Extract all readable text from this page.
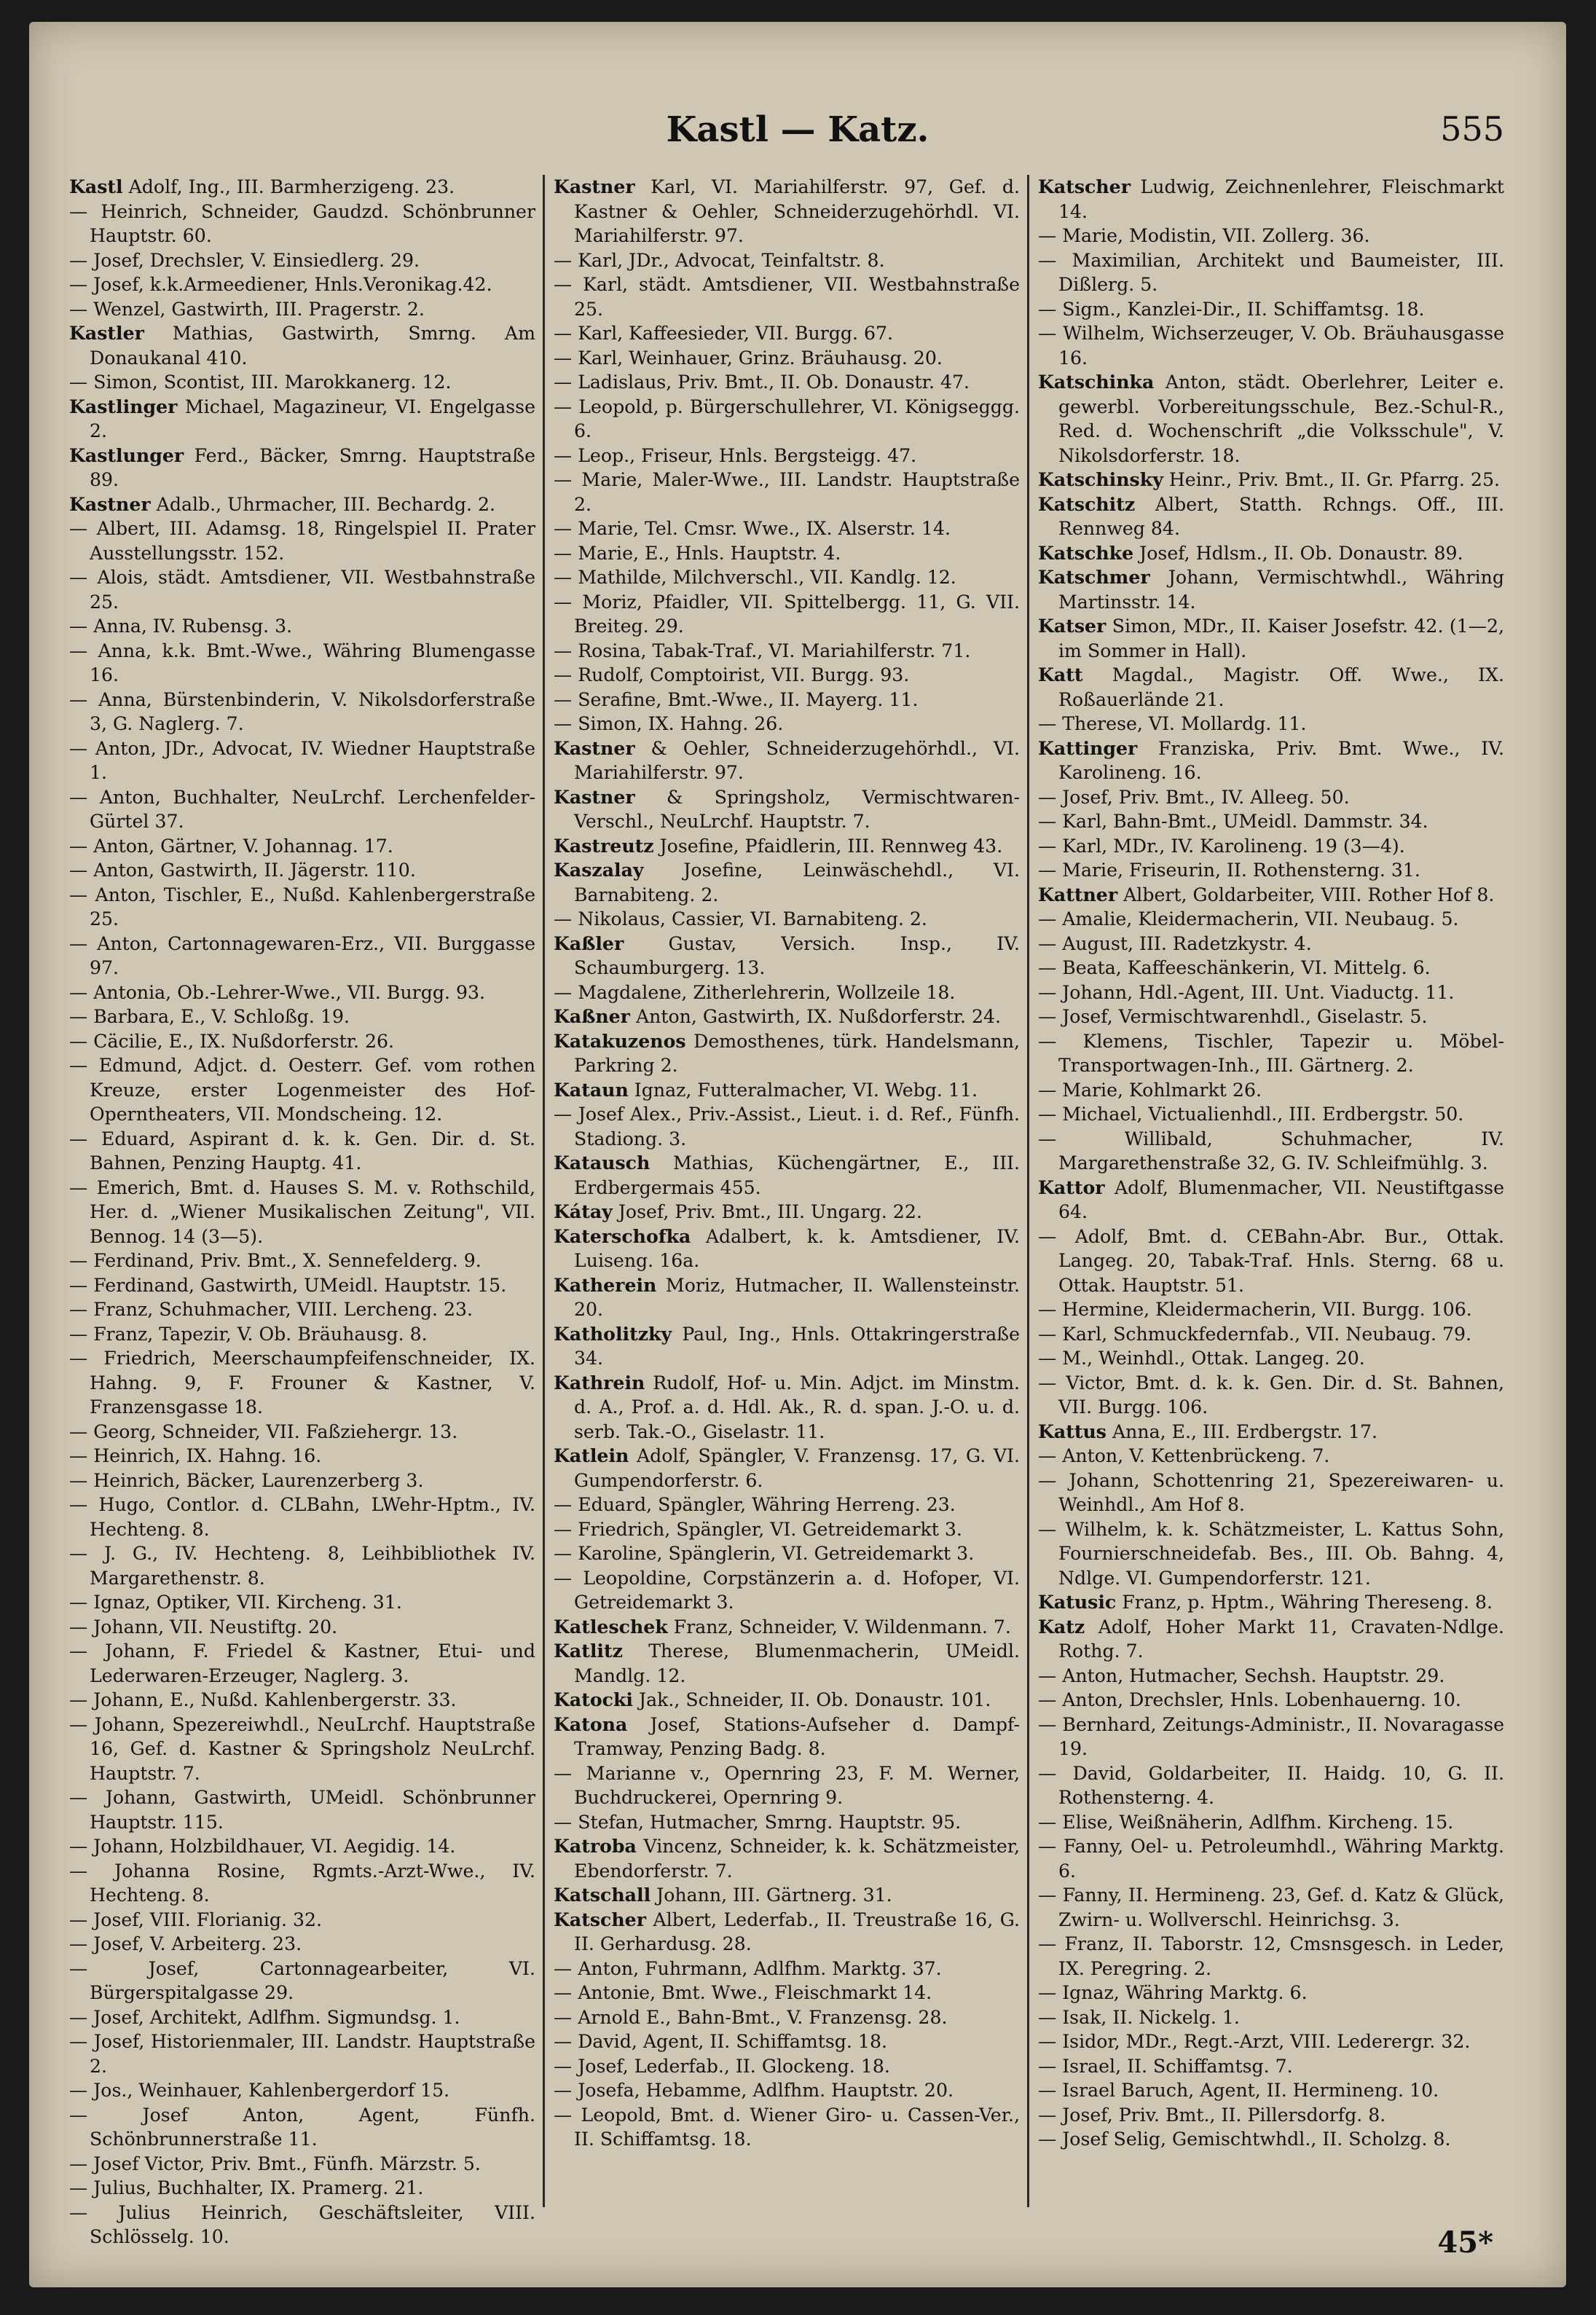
Kastl — Katz.	555

Kastl Adolf, Ing., III. Barmherzigeng. 23.

— Heinrich, Schneider, Gaudzd. Schönbrunner Hauptstr. 60.

— Josef, Drechsler, V. Einsiedlerg. 29.

— Josef, k.k.Armeediener, Hnls.Veronikag.42.

— Wenzel, Gastwirth, III. Pragerstr. 2.

Kastler Mathias, Gastwirth, Smrng. Am Donaukanal 410.

— Simon, Scontist, III. Marokkanerg. 12.

Kastlinger Michael, Magazineur, VI. Engelgasse 2.

Kastlunger Ferd., Bäcker, Smrng. Hauptstraße 89.

Kastner Adalb., Uhrmacher, III. Bechardg. 2.

— Albert, III. Adamsg. 18, Ringelspiel II. Prater Ausstellungsstr. 152.

— Alois, städt. Amtsdiener, VII. Westbahnstraße 25.

— Anna, IV. Rubensg. 3.

— Anna, k.k. Bmt.-Wwe., Währing Blumengasse 16.

— Anna, Bürstenbinderin, V. Nikolsdorferstraße 3, G. Naglerg. 7.

— Anton, JDr., Advocat, IV. Wiedner Hauptstraße 1.

— Anton, Buchhalter, NeuLrchf. Lerchenfelder-Gürtel 37.

— Anton, Gärtner, V. Johannag. 17.

— Anton, Gastwirth, II. Jägerstr. 110.

— Anton, Tischler, E., Nußd. Kahlenbergerstraße 25.

— Anton, Cartonnagewaren-Erz., VII. Burggasse 97.

— Antonia, Ob.-Lehrer-Wwe., VII. Burgg. 93.

— Barbara, E., V. Schloßg. 19.

— Cäcilie, E., IX. Nußdorferstr. 26.

— Edmund, Adjct. d. Oesterr. Gef. vom rothen Kreuze, erster Logenmeister des Hof-Operntheaters, VII. Mondscheing. 12.

— Eduard, Aspirant d. k. k. Gen. Dir. d. St. Bahnen, Penzing Hauptg. 41.

— Emerich, Bmt. d. Hauses S. M. v. Rothschild, Her. d. „Wiener Musikalischen Zeitung", VII. Bennog. 14 (3—5).

— Ferdinand, Priv. Bmt., X. Sennefelderg. 9.

— Ferdinand, Gastwirth, UMeidl. Hauptstr. 15.

— Franz, Schuhmacher, VIII. Lercheng. 23.

— Franz, Tapezir, V. Ob. Bräuhausg. 8.

— Friedrich, Meerschaumpfeifenschneider, IX. Hahng. 9, F. Frouner & Kastner, V. Franzensgasse 18.

— Georg, Schneider, VII. Faßziehergr. 13.

— Heinrich, IX. Hahng. 16.

— Heinrich, Bäcker, Laurenzerberg 3.

— Hugo, Contlor. d. CLBahn, LWehr-Hptm., IV. Hechteng. 8.

— J. G., IV. Hechteng. 8, Leihbibliothek IV. Margarethenstr. 8.

— Ignaz, Optiker, VII. Kircheng. 31.

— Johann, VII. Neustiftg. 20.

— Johann, F. Friedel & Kastner, Etui- und Lederwaren-Erzeuger, Naglerg. 3.

— Johann, E., Nußd. Kahlenbergerstr. 33.

— Johann, Spezereiwhdl., NeuLrchf. Hauptstraße 16, Gef. d. Kastner & Springsholz NeuLrchf. Hauptstr. 7.

— Johann, Gastwirth, UMeidl. Schönbrunner Hauptstr. 115.

— Johann, Holzbildhauer, VI. Aegidig. 14.

— Johanna Rosine, Rgmts.-Arzt-Wwe., IV. Hechteng. 8.

— Josef, VIII. Florianig. 32.

— Josef, V. Arbeiterg. 23.

— Josef, Cartonnagearbeiter, VI. Bürgerspitalgasse 29.

— Josef, Architekt, Adlfhm. Sigmundsg. 1.

— Josef, Historienmaler, III. Landstr. Hauptstraße 2.

— Jos., Weinhauer, Kahlenbergerdorf 15.

— Josef Anton, Agent, Fünfh. Schönbrunnerstraße 11.

— Josef Victor, Priv. Bmt., Fünfh. Märzstr. 5.

— Julius, Buchhalter, IX. Pramerg. 21.

— Julius Heinrich, Geschäftsleiter, VIII. Schlösselg. 10.

Kastner Karl, VI. Mariahilferstr. 97, Gef. d. Kastner & Oehler, Schneiderzugehörhdl. VI. Mariahilferstr. 97.

— Karl, JDr., Advocat, Teinfaltstr. 8.

— Karl, städt. Amtsdiener, VII. Westbahnstraße 25.

— Karl, Kaffeesieder, VII. Burgg. 67.

— Karl, Weinhauer, Grinz. Bräuhausg. 20.

— Ladislaus, Priv. Bmt., II. Ob. Donaustr. 47.

— Leopold, p. Bürgerschullehrer, VI. Königseggg. 6.

— Leop., Friseur, Hnls. Bergsteigg. 47.

— Marie, Maler-Wwe., III. Landstr. Hauptstraße 2.

— Marie, Tel. Cmsr. Wwe., IX. Alserstr. 14.

— Marie, E., Hnls. Hauptstr. 4.

— Mathilde, Milchverschl., VII. Kandlg. 12.

— Moriz, Pfaidler, VII. Spittelbergg. 11, G. VII. Breiteg. 29.

— Rosina, Tabak-Traf., VI. Mariahilferstr. 71.

— Rudolf, Comptoirist, VII. Burgg. 93.

— Serafine, Bmt.-Wwe., II. Mayerg. 11.

— Simon, IX. Hahng. 26.

Kastner & Oehler, Schneiderzugehörhdl., VI. Mariahilferstr. 97.

Kastner & Springsholz, Vermischtwaren-Verschl., NeuLrchf. Hauptstr. 7.

Kastreutz Josefine, Pfaidlerin, III. Rennweg 43.

Kaszalay Josefine, Leinwäschehdl., VI. Barnabiteng. 2.

— Nikolaus, Cassier, VI. Barnabiteng. 2.

Kaßler Gustav, Versich. Insp., IV. Schaumburgerg. 13.

— Magdalene, Zitherlehrerin, Wollzeile 18.

Kaßner Anton, Gastwirth, IX. Nußdorferstr. 24.

Katakuzenos Demosthenes, türk. Handelsmann, Parkring 2.

Kataun Ignaz, Futteralmacher, VI. Webg. 11.

— Josef Alex., Priv.-Assist., Lieut. i. d. Ref., Fünfh. Stadiong. 3.

Katausch Mathias, Küchengärtner, E., III. Erdbergermais 455.

Kátay Josef, Priv. Bmt., III. Ungarg. 22.

Katerschofka Adalbert, k. k. Amtsdiener, IV. Luiseng. 16a.

Katherein Moriz, Hutmacher, II. Wallensteinstr. 20.

Katholitzky Paul, Ing., Hnls. Ottakringerstraße 34.

Kathrein Rudolf, Hof- u. Min. Adjct. im Minstm. d. A., Prof. a. d. Hdl. Ak., R. d. span. J.-O. u. d. serb. Tak.-O., Giselastr. 11.

Katlein Adolf, Spängler, V. Franzensg. 17, G. VI. Gumpendorferstr. 6.

— Eduard, Spängler, Währing Herreng. 23.

— Friedrich, Spängler, VI. Getreidemarkt 3.

— Karoline, Spänglerin, VI. Getreidemarkt 3.

— Leopoldine, Corpstänzerin a. d. Hofoper, VI. Getreidemarkt 3.

Katleschek Franz, Schneider, V. Wildenmann. 7.

Katlitz Therese, Blumenmacherin, UMeidl. Mandlg. 12.

Katocki Jak., Schneider, II. Ob. Donaustr. 101.

Katona Josef, Stations-Aufseher d. Dampf-Tramway, Penzing Badg. 8.

— Marianne v., Opernring 23, F. M. Werner, Buchdruckerei, Opernring 9.

— Stefan, Hutmacher, Smrng. Hauptstr. 95.

Katroba Vincenz, Schneider, k. k. Schätzmeister, Ebendorferstr. 7.

Katschall Johann, III. Gärtnerg. 31.

Katscher Albert, Lederfab., II. Treustraße 16, G. II. Gerhardusg. 28.

— Anton, Fuhrmann, Adlfhm. Marktg. 37.

— Antonie, Bmt. Wwe., Fleischmarkt 14.

— Arnold E., Bahn-Bmt., V. Franzensg. 28.

— David, Agent, II. Schiffamtsg. 18.

— Josef, Lederfab., II. Glockeng. 18.

— Josefa, Hebamme, Adlfhm. Hauptstr. 20.

— Leopold, Bmt. d. Wiener Giro- u. Cassen-Ver., II. Schiffamtsg. 18.

Katscher Ludwig, Zeichnenlehrer, Fleischmarkt 14.

— Marie, Modistin, VII. Zollerg. 36.

— Maximilian, Architekt und Baumeister, III. Dißlerg. 5.

— Sigm., Kanzlei-Dir., II. Schiffamtsg. 18.

— Wilhelm, Wichserzeuger, V. Ob. Bräuhausgasse 16.

Katschinka Anton, städt. Oberlehrer, Leiter e. gewerbl. Vorbereitungsschule, Bez.-Schul-R., Red. d. Wochenschrift „die Volksschule", V. Nikolsdorferstr. 18.

Katschinsky Heinr., Priv. Bmt., II. Gr. Pfarrg. 25.

Katschitz Albert, Statth. Rchngs. Off., III. Rennweg 84.

Katschke Josef, Hdlsm., II. Ob. Donaustr. 89.

Katschmer Johann, Vermischtwhdl., Währing Martinsstr. 14.

Katser Simon, MDr., II. Kaiser Josefstr. 42. (1—2, im Sommer in Hall).

Katt Magdal., Magistr. Off. Wwe., IX. Roßauerlände 21.

— Therese, VI. Mollardg. 11.

Kattinger Franziska, Priv. Bmt. Wwe., IV. Karolineng. 16.

— Josef, Priv. Bmt., IV. Alleeg. 50.

— Karl, Bahn-Bmt., UMeidl. Dammstr. 34.

— Karl, MDr., IV. Karolineng. 19 (3—4).

— Marie, Friseurin, II. Rothensterng. 31.

Kattner Albert, Goldarbeiter, VIII. Rother Hof 8.

— Amalie, Kleidermacherin, VII. Neubaug. 5.

— August, III. Radetzkystr. 4.

— Beata, Kaffeeschänkerin, VI. Mittelg. 6.

— Johann, Hdl.-Agent, III. Unt. Viaductg. 11.

— Josef, Vermischtwarenhdl., Giselastr. 5.

— Klemens, Tischler, Tapezir u. Möbel-Transportwagen-Inh., III. Gärtnerg. 2.

— Marie, Kohlmarkt 26.

— Michael, Victualienhdl., III. Erdbergstr. 50.

— Willibald, Schuhmacher, IV. Margarethenstraße 32, G. IV. Schleifmühlg. 3.

Kattor Adolf, Blumenmacher, VII. Neustiftgasse 64.

— Adolf, Bmt. d. CEBahn-Abr. Bur., Ottak. Langeg. 20, Tabak-Traf. Hnls. Sterng. 68 u. Ottak. Hauptstr. 51.

— Hermine, Kleidermacherin, VII. Burgg. 106.

— Karl, Schmuckfedernfab., VII. Neubaug. 79.

— M., Weinhdl., Ottak. Langeg. 20.

— Victor, Bmt. d. k. k. Gen. Dir. d. St. Bahnen, VII. Burgg. 106.

Kattus Anna, E., III. Erdbergstr. 17.

— Anton, V. Kettenbrückeng. 7.

— Johann, Schottenring 21, Spezereiwaren- u. Weinhdl., Am Hof 8.

— Wilhelm, k. k. Schätzmeister, L. Kattus Sohn, Fournierschneidefab. Bes., III. Ob. Bahng. 4, Ndlge. VI. Gumpendorferstr. 121.

Katusic Franz, p. Hptm., Währing Thereseng. 8.

Katz Adolf, Hoher Markt 11, Cravaten-Ndlge. Rothg. 7.

— Anton, Hutmacher, Sechsh. Hauptstr. 29.

— Anton, Drechsler, Hnls. Lobenhauerng. 10.

— Bernhard, Zeitungs-Administr., II. Novaragasse 19.

— David, Goldarbeiter, II. Haidg. 10, G. II. Rothensterng. 4.

— Elise, Weißnäherin, Adlfhm. Kircheng. 15.

— Fanny, Oel- u. Petroleumhdl., Währing Marktg. 6.

— Fanny, II. Hermineng. 23, Gef. d. Katz & Glück, Zwirn- u. Wollverschl. Heinrichsg. 3.

— Franz, II. Taborstr. 12, Cmsnsgesch. in Leder, IX. Peregring. 2.

— Ignaz, Währing Marktg. 6.

— Isak, II. Nickelg. 1.

— Isidor, MDr., Regt.-Arzt, VIII. Lederergr. 32.

— Israel, II. Schiffamtsg. 7.

— Israel Baruch, Agent, II. Hermineng. 10.

— Josef, Priv. Bmt., II. Pillersdorfg. 8.

— Josef Selig, Gemischtwhdl., II. Scholzg. 8.

45*
